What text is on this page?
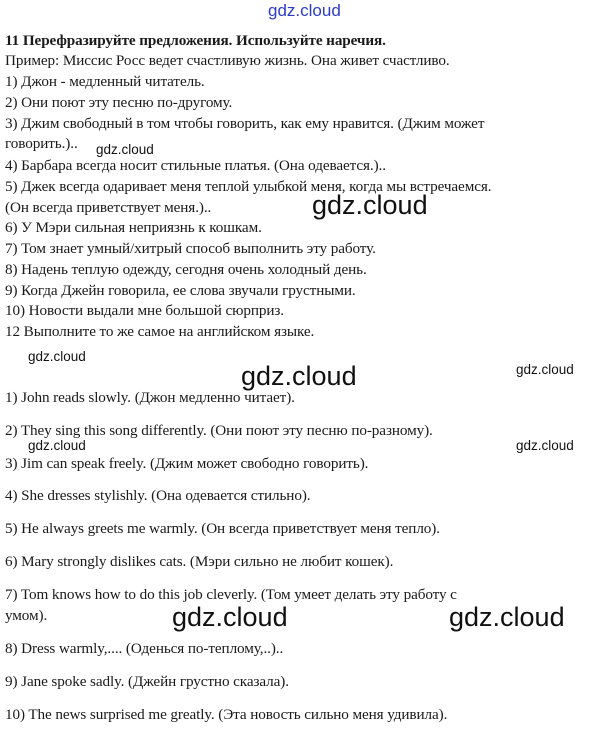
gdz.cloud
gdz.cloud
gdz.cloud
gdz.cloud
gdz.cloud	gdz.cloud
gdz.cloud	gdz.cloud
gdz.cloud	gdz.cloud
11 Перефразируйте предложения. Используйте наречия.
Пример: Миссис Росс ведет счастливую жизнь. Она живет счастливо.
1) Джон - медленный читатель.
2) Они поют эту песню по-другому.
3) Джим свободный в том чтобы говорить, как ему нравится. (Джим может
говорить.)..
4) Барбара всегда носит стильные платья. (Она одевается.)..
5) Джек всегда одаривает меня теплой улыбкой меня, когда мы встречаемся.
(Он всегда приветствует меня.)..
6) У Мэри сильная неприязнь к кошкам.
7) Том знает умный/хитрый способ выполнить эту работу.
8) Надень теплую одежду, сегодня очень холодный день.
9) Когда Джейн говорила, ее слова звучали грустными.
10) Новости выдали мне большой сюрприз.
12 Выполните то же самое на английском языке.
1) John reads slowly. (Джон медленно читает).
2) They sing this song differently. (Они поют эту песню по-разному).
3) Jim can speak freely. (Джим может свободно говорить).
4) She dresses stylishly. (Она одевается стильно).
5) He always greets me warmly. (Он всегда приветствует меня тепло).
6) Mary strongly dislikes cats. (Мэри сильно не любит кошек).
7) Tom knows how to do this job cleverly. (Том умеет делать эту работу с
умом).
8) Dress warmly,.... (Оденься по-теплому,..)..
9) Jane spoke sadly. (Джейн грустно сказала).
10) The news surprised me greatly. (Эта новость сильно меня удивила).
